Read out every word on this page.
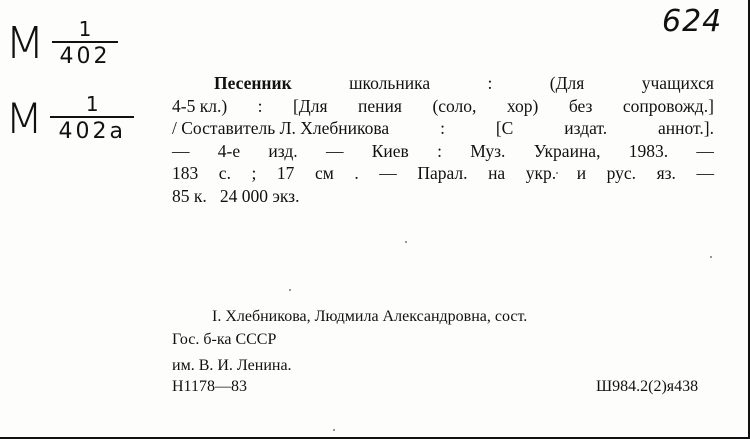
М $\frac{1}{402}$
М $\frac{1}{402а}$
624
Песенник	школьника	:	(Для	учащихся
4-5 кл.) : [Для пения (соло, хор) без сопровожд.]
/ Составитель Л. Хлебникова	:	[С	издат.	аннот.].
— 4-е изд. — Киев : Муз. Украина, 1983. —
183 с. ; 17 см . — Парал. на укр. и рус. яз. —
85 к.   24 000 экз.
I. Хлебникова, Людмила Александровна, сост.
Гос. б-ка СССР
им. В. И. Ленина.
Н1178—83	Ш984.2(2)я438
